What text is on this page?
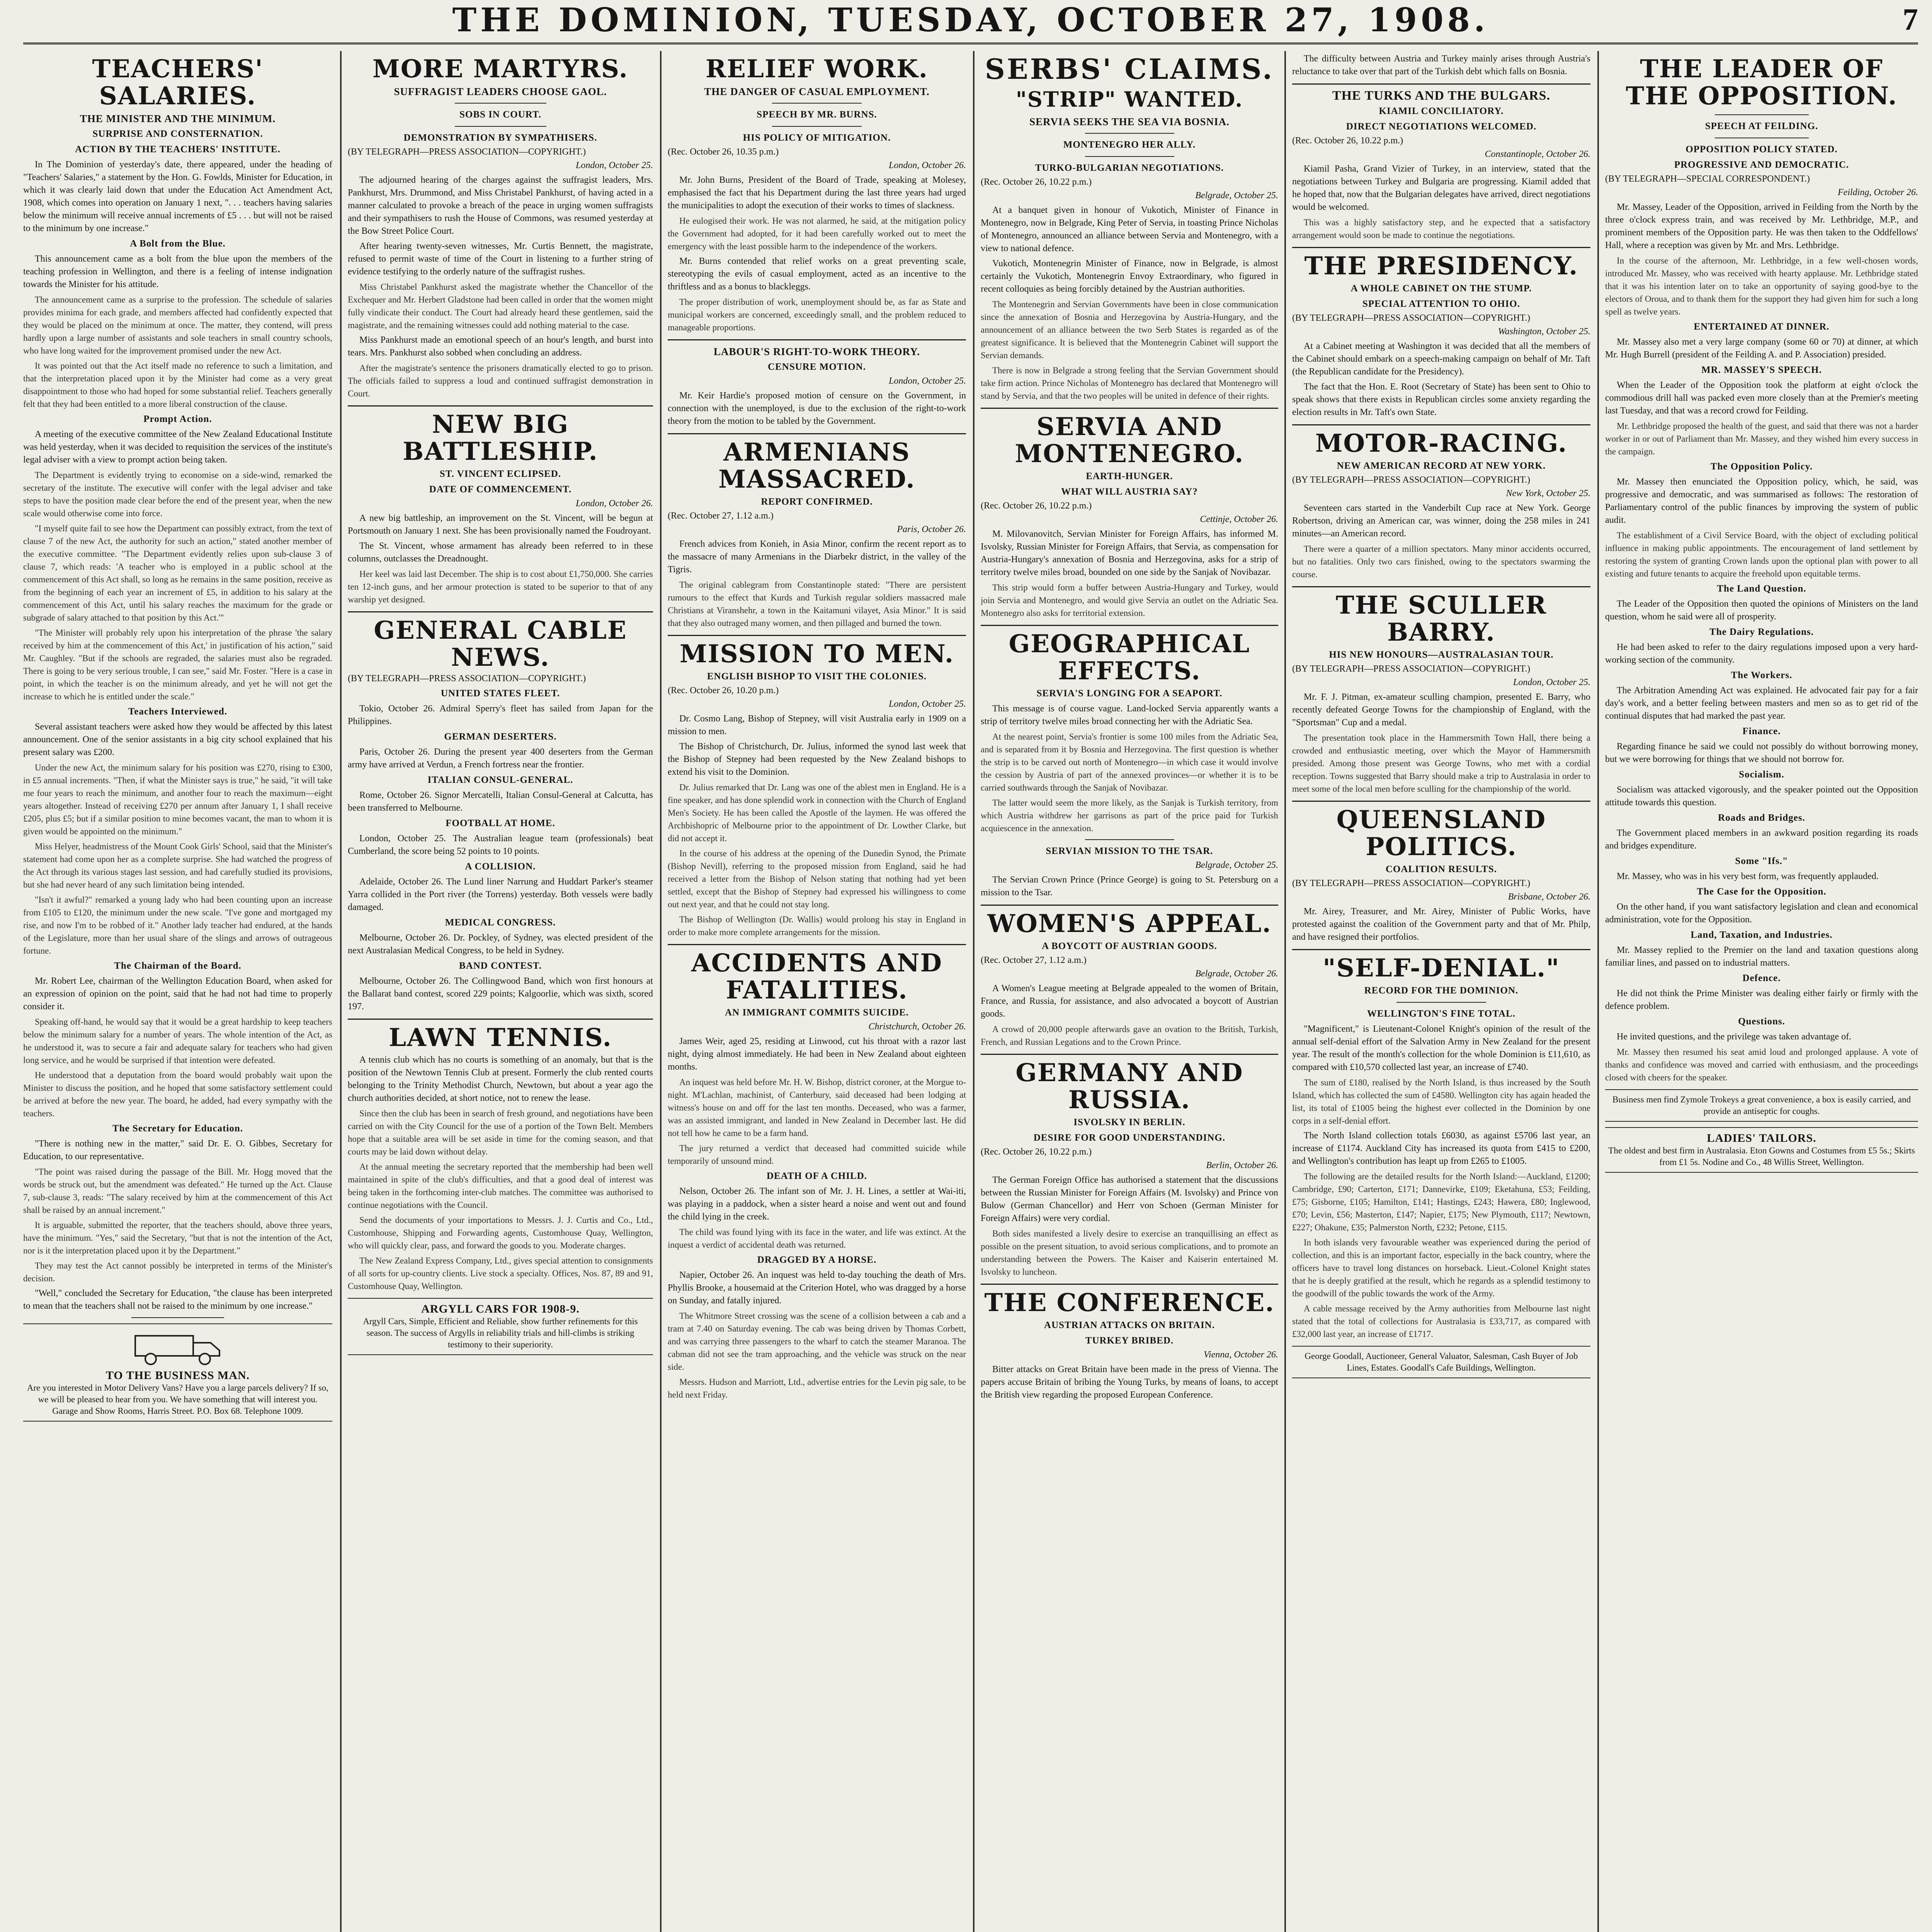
THE DOMINION, TUESDAY, OCTOBER 27, 1908.	7
TEACHERS' SALARIES.
THE MINISTER AND THE MINIMUM.
SURPRISE AND CONSTERNATION.

ACTION BY THE TEACHERS' INSTITUTE.

In The Dominion of yesterday's date, there appeared, under the heading of "Teachers' Salaries," a statement by the Hon. G. Fowlds, Minister for Education, in which it was clearly laid down that under the Education Act Amendment Act, 1908, which comes into operation on January 1 next, ". . . teachers having salaries below the minimum will receive annual increments of £5 . . . but will not be raised to the minimum by one increase."

A Bolt from the Blue.

This announcement came as a bolt from the blue upon the members of the teaching profession in Wellington, and there is a feeling of intense indignation towards the Minister for his attitude.

The announcement came as a surprise to the profession. The schedule of salaries provides minima for each grade, and members affected had confidently expected that they would be placed on the minimum at once. The matter, they contend, will press hardly upon a large number of assistants and sole teachers in small country schools, who have long waited for the improvement promised under the new Act.

It was pointed out that the Act itself made no reference to such a limitation, and that the interpretation placed upon it by the Minister had come as a very great disappointment to those who had hoped for some substantial relief. Teachers generally felt that they had been entitled to a more liberal construction of the clause.

Prompt Action.

A meeting of the executive committee of the New Zealand Educational Institute was held yesterday, when it was decided to requisition the services of the institute's legal adviser with a view to prompt action being taken.

The Department is evidently trying to economise on a side-wind, remarked the secretary of the institute. The executive will confer with the legal adviser and take steps to have the position made clear before the end of the present year, when the new scale would otherwise come into force.

"I myself quite fail to see how the Department can possibly extract, from the text of clause 7 of the new Act, the authority for such an action," stated another member of the executive committee. "The Department evidently relies upon sub-clause 3 of clause 7, which reads: 'A teacher who is employed in a public school at the commencement of this Act shall, so long as he remains in the same position, receive as from the beginning of each year an increment of £5, in addition to his salary at the commencement of this Act, until his salary reaches the maximum for the grade or subgrade of salary attached to that position by this Act.'"

"The Minister will probably rely upon his interpretation of the phrase 'the salary received by him at the commencement of this Act,' in justification of his action," said Mr. Caughley. "But if the schools are regraded, the salaries must also be regraded. There is going to be very serious trouble, I can see," said Mr. Foster. "Here is a case in point, in which the teacher is on the minimum already, and yet he will not get the increase to which he is entitled under the scale."

Teachers Interviewed.

Several assistant teachers were asked how they would be affected by this latest announcement. One of the senior assistants in a big city school explained that his present salary was £200.

Under the new Act, the minimum salary for his position was £270, rising to £300, in £5 annual increments. "Then, if what the Minister says is true," he said, "it will take me four years to reach the minimum, and another four to reach the maximum—eight years altogether. Instead of receiving £270 per annum after January 1, I shall receive £205, plus £5; but if a similar position to mine becomes vacant, the man to whom it is given would be appointed on the minimum."

Miss Helyer, headmistress of the Mount Cook Girls' School, said that the Minister's statement had come upon her as a complete surprise. She had watched the progress of the Act through its various stages last session, and had carefully studied its provisions, but she had never heard of any such limitation being intended.

"Isn't it awful?" remarked a young lady who had been counting upon an increase from £105 to £120, the minimum under the new scale. "I've gone and mortgaged my rise, and now I'm to be robbed of it." Another lady teacher had endured, at the hands of the Legislature, more than her usual share of the slings and arrows of outrageous fortune.

The Chairman of the Board.

Mr. Robert Lee, chairman of the Wellington Education Board, when asked for an expression of opinion on the point, said that he had not had time to properly consider it.

Speaking off-hand, he would say that it would be a great hardship to keep teachers below the minimum salary for a number of years. The whole intention of the Act, as he understood it, was to secure a fair and adequate salary for teachers who had given long service, and he would be surprised if that intention were defeated.

He understood that a deputation from the board would probably wait upon the Minister to discuss the position, and he hoped that some satisfactory settlement could be arrived at before the new year. The board, he added, had every sympathy with the teachers.

The Secretary for Education.

"There is nothing new in the matter," said Dr. E. O. Gibbes, Secretary for Education, to our representative.

"The point was raised during the passage of the Bill. Mr. Hogg moved that the words be struck out, but the amendment was defeated." He turned up the Act. Clause 7, sub-clause 3, reads: "The salary received by him at the commencement of this Act shall be raised by an annual increment."

It is arguable, submitted the reporter, that the teachers should, above three years, have the minimum. "Yes," said the Secretary, "but that is not the intention of the Act, nor is it the interpretation placed upon it by the Department."

They may test the Act cannot possibly be interpreted in terms of the Minister's decision.

"Well," concluded the Secretary for Education, "the clause has been interpreted to mean that the teachers shall not be raised to the minimum by one increase."

TO THE BUSINESS MAN.
Are you interested in Motor Delivery Vans? Have you a large parcels delivery? If so, we will be pleased to hear from you. We have something that will interest you. Garage and Show Rooms, Harris Street. P.O. Box 68. Telephone 1009.
MORE MARTYRS.
SUFFRAGIST LEADERS CHOOSE GAOL.
SOBS IN COURT.
DEMONSTRATION BY SYMPATHISERS.
(BY TELEGRAPH—PRESS ASSOCIATION—COPYRIGHT.)
London, October 25.

The adjourned hearing of the charges against the suffragist leaders, Mrs. Pankhurst, Mrs. Drummond, and Miss Christabel Pankhurst, of having acted in a manner calculated to provoke a breach of the peace in urging women suffragists and their sympathisers to rush the House of Commons, was resumed yesterday at the Bow Street Police Court.

After hearing twenty-seven witnesses, Mr. Curtis Bennett, the magistrate, refused to permit waste of time of the Court in listening to a further string of evidence testifying to the orderly nature of the suffragist rushes.

Miss Christabel Pankhurst asked the magistrate whether the Chancellor of the Exchequer and Mr. Herbert Gladstone had been called in order that the women might fully vindicate their conduct. The Court had already heard these gentlemen, said the magistrate, and the remaining witnesses could add nothing material to the case.

Miss Pankhurst made an emotional speech of an hour's length, and burst into tears. Mrs. Pankhurst also sobbed when concluding an address.

After the magistrate's sentence the prisoners dramatically elected to go to prison. The officials failed to suppress a loud and continued suffragist demonstration in Court.

NEW BIG BATTLESHIP.
ST. VINCENT ECLIPSED.
DATE OF COMMENCEMENT.
London, October 26.

A new big battleship, an improvement on the St. Vincent, will be begun at Portsmouth on January 1 next. She has been provisionally named the Foudroyant.

The St. Vincent, whose armament has already been referred to in these columns, outclasses the Dreadnought.

Her keel was laid last December. The ship is to cost about £1,750,000. She carries ten 12-inch guns, and her armour protection is stated to be superior to that of any warship yet designed.

GENERAL CABLE NEWS.
(BY TELEGRAPH—PRESS ASSOCIATION—COPYRIGHT.)
UNITED STATES FLEET.

Tokio, October 26. Admiral Sperry's fleet has sailed from Japan for the Philippines.

GERMAN DESERTERS.

Paris, October 26. During the present year 400 deserters from the German army have arrived at Verdun, a French fortress near the frontier.

ITALIAN CONSUL-GENERAL.

Rome, October 26. Signor Mercatelli, Italian Consul-General at Calcutta, has been transferred to Melbourne.

FOOTBALL AT HOME.

London, October 25. The Australian league team (professionals) beat Cumberland, the score being 52 points to 10 points.

A COLLISION.

Adelaide, October 26. The Lund liner Narrung and Huddart Parker's steamer Yarra collided in the Port river (the Torrens) yesterday. Both vessels were badly damaged.

MEDICAL CONGRESS.

Melbourne, October 26. Dr. Pockley, of Sydney, was elected president of the next Australasian Medical Congress, to be held in Sydney.

BAND CONTEST.

Melbourne, October 26. The Collingwood Band, which won first honours at the Ballarat band contest, scored 229 points; Kalgoorlie, which was sixth, scored 197.

LAWN TENNIS.

A tennis club which has no courts is something of an anomaly, but that is the position of the Newtown Tennis Club at present. Formerly the club rented courts belonging to the Trinity Methodist Church, Newtown, but about a year ago the church authorities decided, at short notice, not to renew the lease.

Since then the club has been in search of fresh ground, and negotiations have been carried on with the City Council for the use of a portion of the Town Belt. Members hope that a suitable area will be set aside in time for the coming season, and that courts may be laid down without delay.

At the annual meeting the secretary reported that the membership had been well maintained in spite of the club's difficulties, and that a good deal of interest was being taken in the forthcoming inter-club matches. The committee was authorised to continue negotiations with the Council.

Send the documents of your importations to Messrs. J. J. Curtis and Co., Ltd., Customhouse, Shipping and Forwarding agents, Customhouse Quay, Wellington, who will quickly clear, pass, and forward the goods to you. Moderate charges.

The New Zealand Express Company, Ltd., gives special attention to consignments of all sorts for up-country clients. Live stock a specialty. Offices, Nos. 87, 89 and 91, Customhouse Quay, Wellington.

ARGYLL CARS FOR 1908-9.
Argyll Cars, Simple, Efficient and Reliable, show further refinements for this season. The success of Argylls in reliability trials and hill-climbs is striking testimony to their superiority.
RELIEF WORK.
THE DANGER OF CASUAL EMPLOYMENT.
SPEECH BY MR. BURNS.
HIS POLICY OF MITIGATION.
(Rec. October 26, 10.35 p.m.)
London, October 26.

Mr. John Burns, President of the Board of Trade, speaking at Molesey, emphasised the fact that his Department during the last three years had urged the municipalities to adopt the execution of their works to times of slackness.

He eulogised their work. He was not alarmed, he said, at the mitigation policy the Government had adopted, for it had been carefully worked out to meet the emergency with the least possible harm to the independence of the workers.

Mr. Burns contended that relief works on a great preventing scale, stereotyping the evils of casual employment, acted as an incentive to the thriftless and as a bonus to blackleggs.

The proper distribution of work, unemployment should be, as far as State and municipal workers are concerned, exceedingly small, and the problem reduced to manageable proportions.

LABOUR'S RIGHT-TO-WORK THEORY.
CENSURE MOTION.
London, October 25.

Mr. Keir Hardie's proposed motion of censure on the Government, in connection with the unemployed, is due to the exclusion of the right-to-work theory from the motion to be tabled by the Government.

ARMENIANS MASSACRED.
REPORT CONFIRMED.
(Rec. October 27, 1.12 a.m.)
Paris, October 26.

French advices from Konieh, in Asia Minor, confirm the recent report as to the massacre of many Armenians in the Diarbekr district, in the valley of the Tigris.

The original cablegram from Constantinople stated: "There are persistent rumours to the effect that Kurds and Turkish regular soldiers massacred male Christians at Viranshehr, a town in the Kaitamuni vilayet, Asia Minor." It is said that they also outraged many women, and then pillaged and burned the town.

MISSION TO MEN.
ENGLISH BISHOP TO VISIT THE COLONIES.
(Rec. October 26, 10.20 p.m.)
London, October 25.

Dr. Cosmo Lang, Bishop of Stepney, will visit Australia early in 1909 on a mission to men.

The Bishop of Christchurch, Dr. Julius, informed the synod last week that the Bishop of Stepney had been requested by the New Zealand bishops to extend his visit to the Dominion.

Dr. Julius remarked that Dr. Lang was one of the ablest men in England. He is a fine speaker, and has done splendid work in connection with the Church of England Men's Society. He has been called the Apostle of the laymen. He was offered the Archbishopric of Melbourne prior to the appointment of Dr. Lowther Clarke, but did not accept it.

In the course of his address at the opening of the Dunedin Synod, the Primate (Bishop Nevill), referring to the proposed mission from England, said he had received a letter from the Bishop of Nelson stating that nothing had yet been settled, except that the Bishop of Stepney had expressed his willingness to come out next year, and that he could not stay long.

The Bishop of Wellington (Dr. Wallis) would prolong his stay in England in order to make more complete arrangements for the mission.

ACCIDENTS AND FATALITIES.
AN IMMIGRANT COMMITS SUICIDE.
Christchurch, October 26.

James Weir, aged 25, residing at Linwood, cut his throat with a razor last night, dying almost immediately. He had been in New Zealand about eighteen months.

An inquest was held before Mr. H. W. Bishop, district coroner, at the Morgue to-night. M'Lachlan, machinist, of Canterbury, said deceased had been lodging at witness's house on and off for the last ten months. Deceased, who was a farmer, was an assisted immigrant, and landed in New Zealand in December last. He did not tell how he came to be a farm hand.

The jury returned a verdict that deceased had committed suicide while temporarily of unsound mind.

DEATH OF A CHILD.

Nelson, October 26. The infant son of Mr. J. H. Lines, a settler at Wai-iti, was playing in a paddock, when a sister heard a noise and went out and found the child lying in the creek.

The child was found lying with its face in the water, and life was extinct. At the inquest a verdict of accidental death was returned.

DRAGGED BY A HORSE.

Napier, October 26. An inquest was held to-day touching the death of Mrs. Phyllis Brooke, a housemaid at the Criterion Hotel, who was dragged by a horse on Sunday, and fatally injured.

The Whitmore Street crossing was the scene of a collision between a cab and a tram at 7.40 on Saturday evening. The cab was being driven by Thomas Corbett, and was carrying three passengers to the wharf to catch the steamer Maranoa. The cabman did not see the tram approaching, and the vehicle was struck on the near side.

Messrs. Hudson and Marriott, Ltd., advertise entries for the Levin pig sale, to be held next Friday.

SERBS' CLAIMS.
"STRIP" WANTED.
SERVIA SEEKS THE SEA VIA BOSNIA.
MONTENEGRO HER ALLY.
TURKO-BULGARIAN NEGOTIATIONS.
(Rec. October 26, 10.22 p.m.)
Belgrade, October 25.

At a banquet given in honour of Vukotich, Minister of Finance in Montenegro, now in Belgrade, King Peter of Servia, in toasting Prince Nicholas of Montenegro, announced an alliance between Servia and Montenegro, with a view to national defence.

Vukotich, Montenegrin Minister of Finance, now in Belgrade, is almost certainly the Vukotich, Montenegrin Envoy Extraordinary, who figured in recent colloquies as being forcibly detained by the Austrian authorities.

The Montenegrin and Servian Governments have been in close communication since the annexation of Bosnia and Herzegovina by Austria-Hungary, and the announcement of an alliance between the two Serb States is regarded as of the greatest significance. It is believed that the Montenegrin Cabinet will support the Servian demands.

There is now in Belgrade a strong feeling that the Servian Government should take firm action. Prince Nicholas of Montenegro has declared that Montenegro will stand by Servia, and that the two peoples will be united in defence of their rights.

SERVIA AND MONTENEGRO.
EARTH-HUNGER.
WHAT WILL AUSTRIA SAY?
(Rec. October 26, 10.22 p.m.)
Cettinje, October 26.

M. Milovanovitch, Servian Minister for Foreign Affairs, has informed M. Isvolsky, Russian Minister for Foreign Affairs, that Servia, as compensation for Austria-Hungary's annexation of Bosnia and Herzegovina, asks for a strip of territory twelve miles broad, bounded on one side by the Sanjak of Novibazar.

This strip would form a buffer between Austria-Hungary and Turkey, would join Servia and Montenegro, and would give Servia an outlet on the Adriatic Sea. Montenegro also asks for territorial extension.

GEOGRAPHICAL EFFECTS.
SERVIA'S LONGING FOR A SEAPORT.

This message is of course vague. Land-locked Servia apparently wants a strip of territory twelve miles broad connecting her with the Adriatic Sea.

At the nearest point, Servia's frontier is some 100 miles from the Adriatic Sea, and is separated from it by Bosnia and Herzegovina. The first question is whether the strip is to be carved out north of Montenegro—in which case it would involve the cession by Austria of part of the annexed provinces—or whether it is to be carried southwards through the Sanjak of Novibazar.

The latter would seem the more likely, as the Sanjak is Turkish territory, from which Austria withdrew her garrisons as part of the price paid for Turkish acquiescence in the annexation.

SERVIAN MISSION TO THE TSAR.
Belgrade, October 25.

The Servian Crown Prince (Prince George) is going to St. Petersburg on a mission to the Tsar.

WOMEN'S APPEAL.
A BOYCOTT OF AUSTRIAN GOODS.
(Rec. October 27, 1.12 a.m.)
Belgrade, October 26.

A Women's League meeting at Belgrade appealed to the women of Britain, France, and Russia, for assistance, and also advocated a boycott of Austrian goods.

A crowd of 20,000 people afterwards gave an ovation to the British, Turkish, French, and Russian Legations and to the Crown Prince.

GERMANY AND RUSSIA.
ISVOLSKY IN BERLIN.
DESIRE FOR GOOD UNDERSTANDING.
(Rec. October 26, 10.22 p.m.)
Berlin, October 26.

The German Foreign Office has authorised a statement that the discussions between the Russian Minister for Foreign Affairs (M. Isvolsky) and Prince von Bulow (German Chancellor) and Herr von Schoen (German Minister for Foreign Affairs) were very cordial.

Both sides manifested a lively desire to exercise an tranquillising an effect as possible on the present situation, to avoid serious complications, and to promote an understanding between the Powers. The Kaiser and Kaiserin entertained M. Isvolsky to luncheon.

THE CONFERENCE.
AUSTRIAN ATTACKS ON BRITAIN.
TURKEY BRIBED.
Vienna, October 26.

Bitter attacks on Great Britain have been made in the press of Vienna. The papers accuse Britain of bribing the Young Turks, by means of loans, to accept the British view regarding the proposed European Conference.

The difficulty between Austria and Turkey mainly arises through Austria's reluctance to take over that part of the Turkish debt which falls on Bosnia.

THE TURKS AND THE BULGARS.
KIAMIL CONCILIATORY.
DIRECT NEGOTIATIONS WELCOMED.
(Rec. October 26, 10.22 p.m.)
Constantinople, October 26.

Kiamil Pasha, Grand Vizier of Turkey, in an interview, stated that the negotiations between Turkey and Bulgaria are progressing. Kiamil added that he hoped that, now that the Bulgarian delegates have arrived, direct negotiations would be welcomed.

This was a highly satisfactory step, and he expected that a satisfactory arrangement would soon be made to continue the negotiations.

THE PRESIDENCY.
A WHOLE CABINET ON THE STUMP.
SPECIAL ATTENTION TO OHIO.
(BY TELEGRAPH—PRESS ASSOCIATION—COPYRIGHT.)
Washington, October 25.

At a Cabinet meeting at Washington it was decided that all the members of the Cabinet should embark on a speech-making campaign on behalf of Mr. Taft (the Republican candidate for the Presidency).

The fact that the Hon. E. Root (Secretary of State) has been sent to Ohio to speak shows that there exists in Republican circles some anxiety regarding the election results in Mr. Taft's own State.

MOTOR-RACING.
NEW AMERICAN RECORD AT NEW YORK.
(BY TELEGRAPH—PRESS ASSOCIATION—COPYRIGHT.)
New York, October 25.

Seventeen cars started in the Vanderbilt Cup race at New York. George Robertson, driving an American car, was winner, doing the 258 miles in 241 minutes—an American record.

There were a quarter of a million spectators. Many minor accidents occurred, but no fatalities. Only two cars finished, owing to the spectators swarming the course.

THE SCULLER BARRY.
HIS NEW HONOURS—AUSTRALASIAN TOUR.
(BY TELEGRAPH—PRESS ASSOCIATION—COPYRIGHT.)
London, October 25.

Mr. F. J. Pitman, ex-amateur sculling champion, presented E. Barry, who recently defeated George Towns for the championship of England, with the "Sportsman" Cup and a medal.

The presentation took place in the Hammersmith Town Hall, there being a crowded and enthusiastic meeting, over which the Mayor of Hammersmith presided. Among those present was George Towns, who met with a cordial reception. Towns suggested that Barry should make a trip to Australasia in order to meet some of the local men before sculling for the championship of the world.

QUEENSLAND POLITICS.
COALITION RESULTS.
(BY TELEGRAPH—PRESS ASSOCIATION—COPYRIGHT.)
Brisbane, October 26.

Mr. Airey, Treasurer, and Mr. Airey, Minister of Public Works, have protested against the coalition of the Government party and that of Mr. Philp, and have resigned their portfolios.

"SELF-DENIAL."
RECORD FOR THE DOMINION.
WELLINGTON'S FINE TOTAL.

"Magnificent," is Lieutenant-Colonel Knight's opinion of the result of the annual self-denial effort of the Salvation Army in New Zealand for the present year. The result of the month's collection for the whole Dominion is £11,610, as compared with £10,570 collected last year, an increase of £740.

The sum of £180, realised by the North Island, is thus increased by the South Island, which has collected the sum of £4580. Wellington city has again headed the list, its total of £1005 being the highest ever collected in the Dominion by one corps in a self-denial effort.

The North Island collection totals £6030, as against £5706 last year, an increase of £1174. Auckland City has increased its quota from £415 to £200, and Wellington's contribution has leapt up from £265 to £1005.

The following are the detailed results for the North Island:—Auckland, £1200; Cambridge, £90; Carterton, £171; Dannevirke, £109; Eketahuna, £53; Feilding, £75; Gisborne, £105; Hamilton, £141; Hastings, £243; Hawera, £80; Inglewood, £70; Levin, £56; Masterton, £147; Napier, £175; New Plymouth, £117; Newtown, £227; Ohakune, £35; Palmerston North, £232; Petone, £115.

In both islands very favourable weather was experienced during the period of collection, and this is an important factor, especially in the back country, where the officers have to travel long distances on horseback. Lieut.-Colonel Knight states that he is deeply gratified at the result, which he regards as a splendid testimony to the goodwill of the public towards the work of the Army.

A cable message received by the Army authorities from Melbourne last night stated that the total of collections for Australasia is £33,717, as compared with £32,000 last year, an increase of £1717.

George Goodall, Auctioneer, General Valuator, Salesman, Cash Buyer of Job Lines, Estates. Goodall's Cafe Buildings, Wellington.
THE LEADER OF THE OPPOSITION.
SPEECH AT FEILDING.
OPPOSITION POLICY STATED.
PROGRESSIVE AND DEMOCRATIC.
(BY TELEGRAPH—SPECIAL CORRESPONDENT.)
Feilding, October 26.

Mr. Massey, Leader of the Opposition, arrived in Feilding from the North by the three o'clock express train, and was received by Mr. Lethbridge, M.P., and prominent members of the Opposition party. He was then taken to the Oddfellows' Hall, where a reception was given by Mr. and Mrs. Lethbridge.

In the course of the afternoon, Mr. Lethbridge, in a few well-chosen words, introduced Mr. Massey, who was received with hearty applause. Mr. Lethbridge stated that it was his intention later on to take an opportunity of saying good-bye to the electors of Oroua, and to thank them for the support they had given him for such a long spell as twelve years.

ENTERTAINED AT DINNER.

Mr. Massey also met a very large company (some 60 or 70) at dinner, at which Mr. Hugh Burrell (president of the Feilding A. and P. Association) presided.

MR. MASSEY'S SPEECH.

When the Leader of the Opposition took the platform at eight o'clock the commodious drill hall was packed even more closely than at the Premier's meeting last Tuesday, and that was a record crowd for Feilding.

Mr. Lethbridge proposed the health of the guest, and said that there was not a harder worker in or out of Parliament than Mr. Massey, and they wished him every success in the campaign.

The Opposition Policy.

Mr. Massey then enunciated the Opposition policy, which, he said, was progressive and democratic, and was summarised as follows: The restoration of Parliamentary control of the public finances by improving the system of public audit.

The establishment of a Civil Service Board, with the object of excluding political influence in making public appointments. The encouragement of land settlement by restoring the system of granting Crown lands upon the optional plan with power to all existing and future tenants to acquire the freehold upon equitable terms.

The Land Question.

The Leader of the Opposition then quoted the opinions of Ministers on the land question, whom he said were all of prosperity.

The Dairy Regulations.

He had been asked to refer to the dairy regulations imposed upon a very hard-working section of the community.

The Workers.

The Arbitration Amending Act was explained. He advocated fair pay for a fair day's work, and a better feeling between masters and men so as to get rid of the continual disputes that had marked the past year.

Finance.

Regarding finance he said we could not possibly do without borrowing money, but we were borrowing for things that we should not borrow for.

Socialism.

Socialism was attacked vigorously, and the speaker pointed out the Opposition attitude towards this question.

Roads and Bridges.

The Government placed members in an awkward position regarding its roads and bridges expenditure.

Some "Ifs."

Mr. Massey, who was in his very best form, was frequently applauded.

The Case for the Opposition.

On the other hand, if you want satisfactory legislation and clean and economical administration, vote for the Opposition.

Land, Taxation, and Industries.

Mr. Massey replied to the Premier on the land and taxation questions along familiar lines, and passed on to industrial matters.

Defence.

He did not think the Prime Minister was dealing either fairly or firmly with the defence problem.

Questions.

He invited questions, and the privilege was taken advantage of.

Mr. Massey then resumed his seat amid loud and prolonged applause. A vote of thanks and confidence was moved and carried with enthusiasm, and the proceedings closed with cheers for the speaker.

Business men find Zymole Trokeys a great convenience, a box is easily carried, and provide an antiseptic for coughs.
LADIES' TAILORS.
The oldest and best firm in Australasia. Eton Gowns and Costumes from £5 5s.; Skirts from £1 5s. Nodine and Co., 48 Willis Street, Wellington.
